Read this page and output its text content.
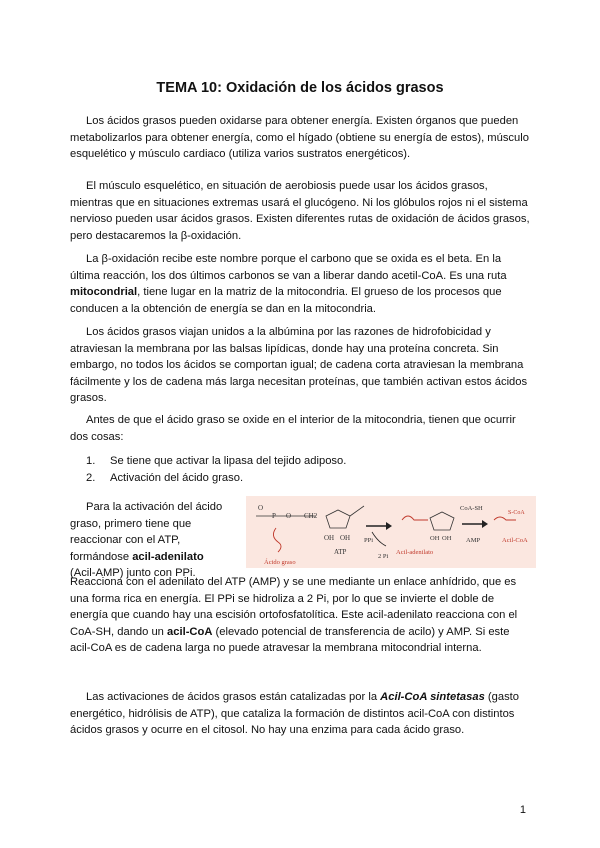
TEMA 10: Oxidación de los ácidos grasos

Los ácidos grasos pueden oxidarse para obtener energía. Existen órganos que pueden metabolizarlos para obtener energía, como el hígado (obtiene su energía de estos), músculo esquelético y músculo cardiaco (utiliza varios sustratos energéticos).

El músculo esquelético, en situación de aerobiosis puede usar los ácidos grasos, mientras que en situaciones extremas usará el glucógeno. Ni los glóbulos rojos ni el sistema nervioso pueden usar ácidos grasos. Existen diferentes rutas de oxidación de ácidos grasos, pero destacaremos la β-oxidación.

La β-oxidación recibe este nombre porque el carbono que se oxida es el beta. En la última reacción, los dos últimos carbonos se van a liberar dando acetil-CoA. Es una ruta mitocondrial, tiene lugar en la matriz de la mitocondria. El grueso de los procesos que conducen a la obtención de energía se dan en la mitocondria.

Los ácidos grasos viajan unidos a la albúmina por las razones de hidrofobicidad y atraviesan la membrana por las balsas lipídicas, donde hay una proteína concreta. Sin embargo, no todos los ácidos se comportan igual; de cadena corta atraviesan la membrana fácilmente y los de cadena más larga necesitan proteínas, que también activan estos ácidos grasos.

Antes de que el ácido graso se oxide en el interior de la mitocondria, tienen que ocurrir dos cosas:

1. Se tiene que activar la lipasa del tejido adiposo.
2. Activación del ácido graso.

Para la activación del ácido graso, primero tiene que reaccionar con el ATP, formándose acil-adenilato (Acil-AMP) junto con PPi.

Reacciona con el adenilato del ATP (AMP) y se une mediante un enlace anhídrido, que es una forma rica en energía. El PPi se hidroliza a 2 Pi, por lo que se invierte el doble de energía que cuando hay una escisión ortofosfatolítica. Este acil-adenilato reacciona con el CoA-SH, dando un acil-CoA (elevado potencial de transferencia de acilo) y AMP. Si este acil-CoA es de cadena larga no puede atravesar la membrana mitocondrial interna.

O
P O CH2
OH OH
ATP
Ácido graso
PPi
2 Pi
Acil-adenilato
OH OH
CoA-SH
AMP
S-CoA
Acil-CoA

Las activaciones de ácidos grasos están catalizadas por la Acil-CoA sintetasas (gasto energético, hidrólisis de ATP), que cataliza la formación de distintos acil-CoA con distintos ácidos grasos y ocurre en el citosol. No hay una enzima para cada ácido graso.

1
